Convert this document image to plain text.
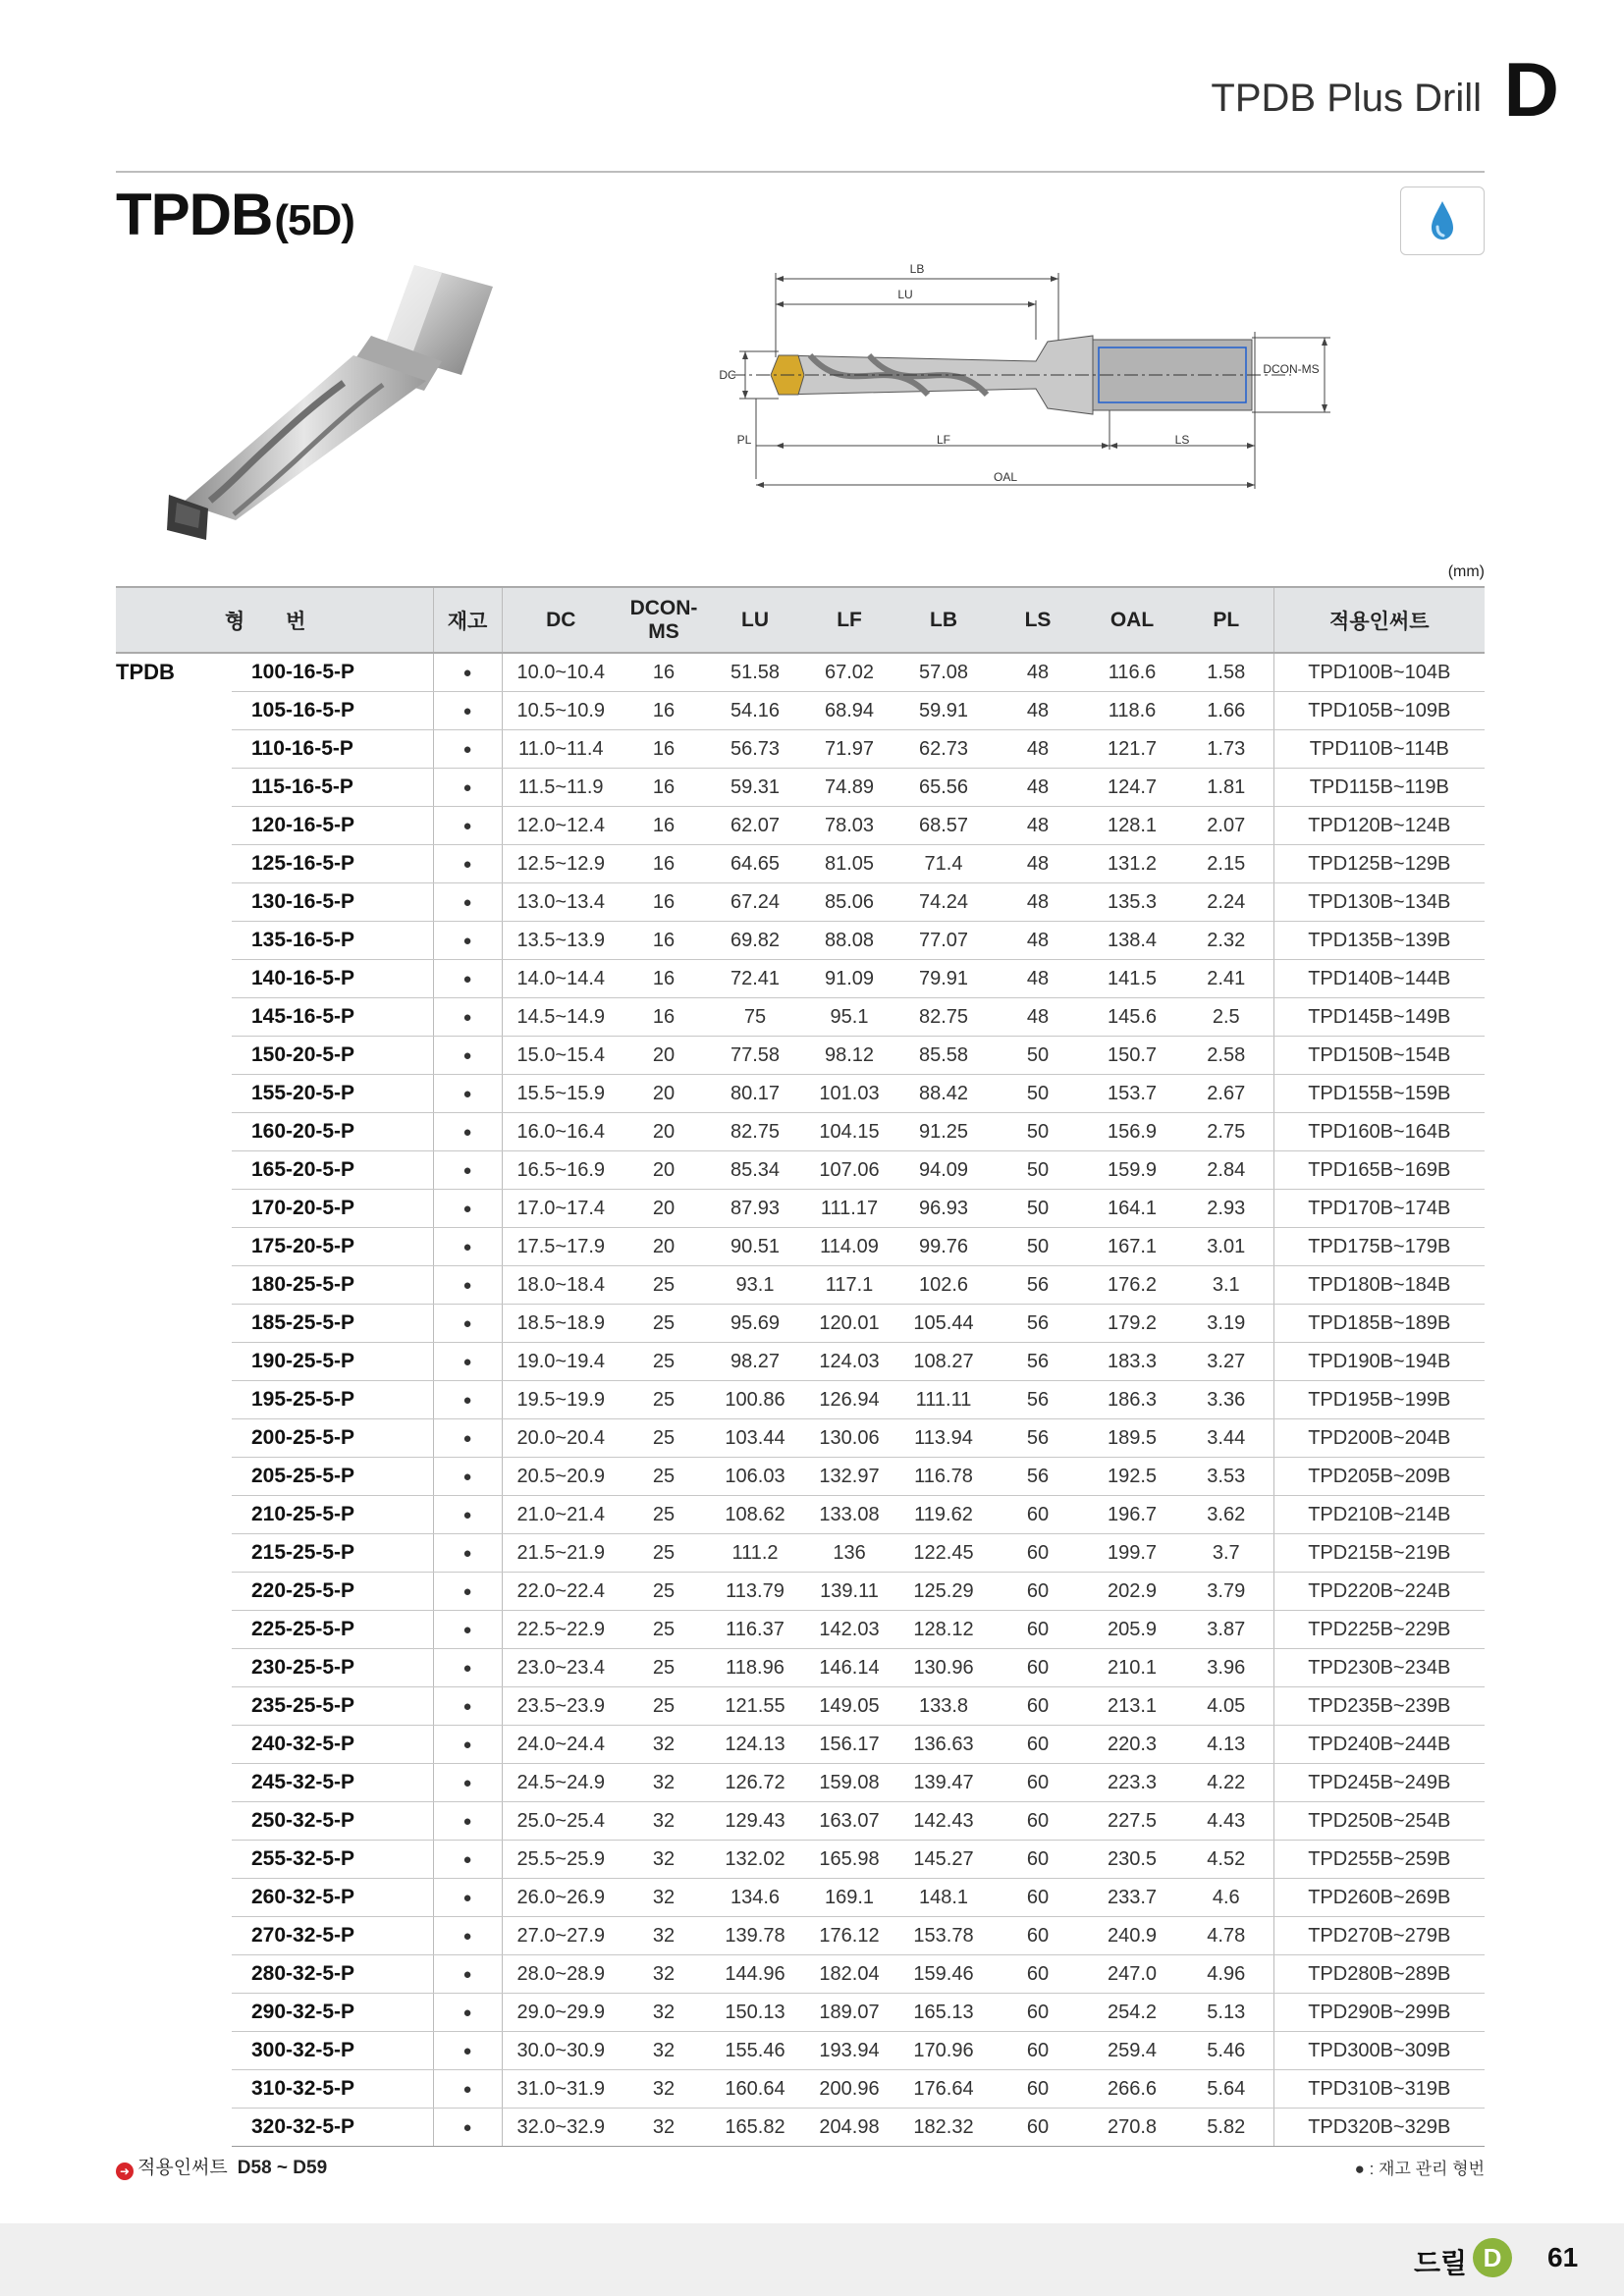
TPDB Plus Drill D
TPDB(5D)
LB
LU
DC	DCON-MS
PL	LF	LS
OAL
(mm)
형 번		재고	DC	DCON-MS	LU	LF	LB	LS	OAL	PL	적용인써트
TPDB	100-16-5-P	●	10.0~10.4	16	51.58	67.02	57.08	48	116.6	1.58	TPD100B~104B
	105-16-5-P	●	10.5~10.9	16	54.16	68.94	59.91	48	118.6	1.66	TPD105B~109B
	110-16-5-P	●	11.0~11.4	16	56.73	71.97	62.73	48	121.7	1.73	TPD110B~114B
	115-16-5-P	●	11.5~11.9	16	59.31	74.89	65.56	48	124.7	1.81	TPD115B~119B
	120-16-5-P	●	12.0~12.4	16	62.07	78.03	68.57	48	128.1	2.07	TPD120B~124B
	125-16-5-P	●	12.5~12.9	16	64.65	81.05	71.4	48	131.2	2.15	TPD125B~129B
	130-16-5-P	●	13.0~13.4	16	67.24	85.06	74.24	48	135.3	2.24	TPD130B~134B
	135-16-5-P	●	13.5~13.9	16	69.82	88.08	77.07	48	138.4	2.32	TPD135B~139B
	140-16-5-P	●	14.0~14.4	16	72.41	91.09	79.91	48	141.5	2.41	TPD140B~144B
	145-16-5-P	●	14.5~14.9	16	75	95.1	82.75	48	145.6	2.5	TPD145B~149B
	150-20-5-P	●	15.0~15.4	20	77.58	98.12	85.58	50	150.7	2.58	TPD150B~154B
	155-20-5-P	●	15.5~15.9	20	80.17	101.03	88.42	50	153.7	2.67	TPD155B~159B
	160-20-5-P	●	16.0~16.4	20	82.75	104.15	91.25	50	156.9	2.75	TPD160B~164B
	165-20-5-P	●	16.5~16.9	20	85.34	107.06	94.09	50	159.9	2.84	TPD165B~169B
	170-20-5-P	●	17.0~17.4	20	87.93	111.17	96.93	50	164.1	2.93	TPD170B~174B
	175-20-5-P	●	17.5~17.9	20	90.51	114.09	99.76	50	167.1	3.01	TPD175B~179B
	180-25-5-P	●	18.0~18.4	25	93.1	117.1	102.6	56	176.2	3.1	TPD180B~184B
	185-25-5-P	●	18.5~18.9	25	95.69	120.01	105.44	56	179.2	3.19	TPD185B~189B
	190-25-5-P	●	19.0~19.4	25	98.27	124.03	108.27	56	183.3	3.27	TPD190B~194B
	195-25-5-P	●	19.5~19.9	25	100.86	126.94	111.11	56	186.3	3.36	TPD195B~199B
	200-25-5-P	●	20.0~20.4	25	103.44	130.06	113.94	56	189.5	3.44	TPD200B~204B
	205-25-5-P	●	20.5~20.9	25	106.03	132.97	116.78	56	192.5	3.53	TPD205B~209B
	210-25-5-P	●	21.0~21.4	25	108.62	133.08	119.62	60	196.7	3.62	TPD210B~214B
	215-25-5-P	●	21.5~21.9	25	111.2	136	122.45	60	199.7	3.7	TPD215B~219B
	220-25-5-P	●	22.0~22.4	25	113.79	139.11	125.29	60	202.9	3.79	TPD220B~224B
	225-25-5-P	●	22.5~22.9	25	116.37	142.03	128.12	60	205.9	3.87	TPD225B~229B
	230-25-5-P	●	23.0~23.4	25	118.96	146.14	130.96	60	210.1	3.96	TPD230B~234B
	235-25-5-P	●	23.5~23.9	25	121.55	149.05	133.8	60	213.1	4.05	TPD235B~239B
	240-32-5-P	●	24.0~24.4	32	124.13	156.17	136.63	60	220.3	4.13	TPD240B~244B
	245-32-5-P	●	24.5~24.9	32	126.72	159.08	139.47	60	223.3	4.22	TPD245B~249B
	250-32-5-P	●	25.0~25.4	32	129.43	163.07	142.43	60	227.5	4.43	TPD250B~254B
	255-32-5-P	●	25.5~25.9	32	132.02	165.98	145.27	60	230.5	4.52	TPD255B~259B
	260-32-5-P	●	26.0~26.9	32	134.6	169.1	148.1	60	233.7	4.6	TPD260B~269B
	270-32-5-P	●	27.0~27.9	32	139.78	176.12	153.78	60	240.9	4.78	TPD270B~279B
	280-32-5-P	●	28.0~28.9	32	144.96	182.04	159.46	60	247.0	4.96	TPD280B~289B
	290-32-5-P	●	29.0~29.9	32	150.13	189.07	165.13	60	254.2	5.13	TPD290B~299B
	300-32-5-P	●	30.0~30.9	32	155.46	193.94	170.96	60	259.4	5.46	TPD300B~309B
	310-32-5-P	●	31.0~31.9	32	160.64	200.96	176.64	60	266.6	5.64	TPD310B~319B
	320-32-5-P	●	32.0~32.9	32	165.82	204.98	182.32	60	270.8	5.82	TPD320B~329B
➜ 적용인써트 D58 ~ D59	● : 재고 관리 형번
드릴 D	61
